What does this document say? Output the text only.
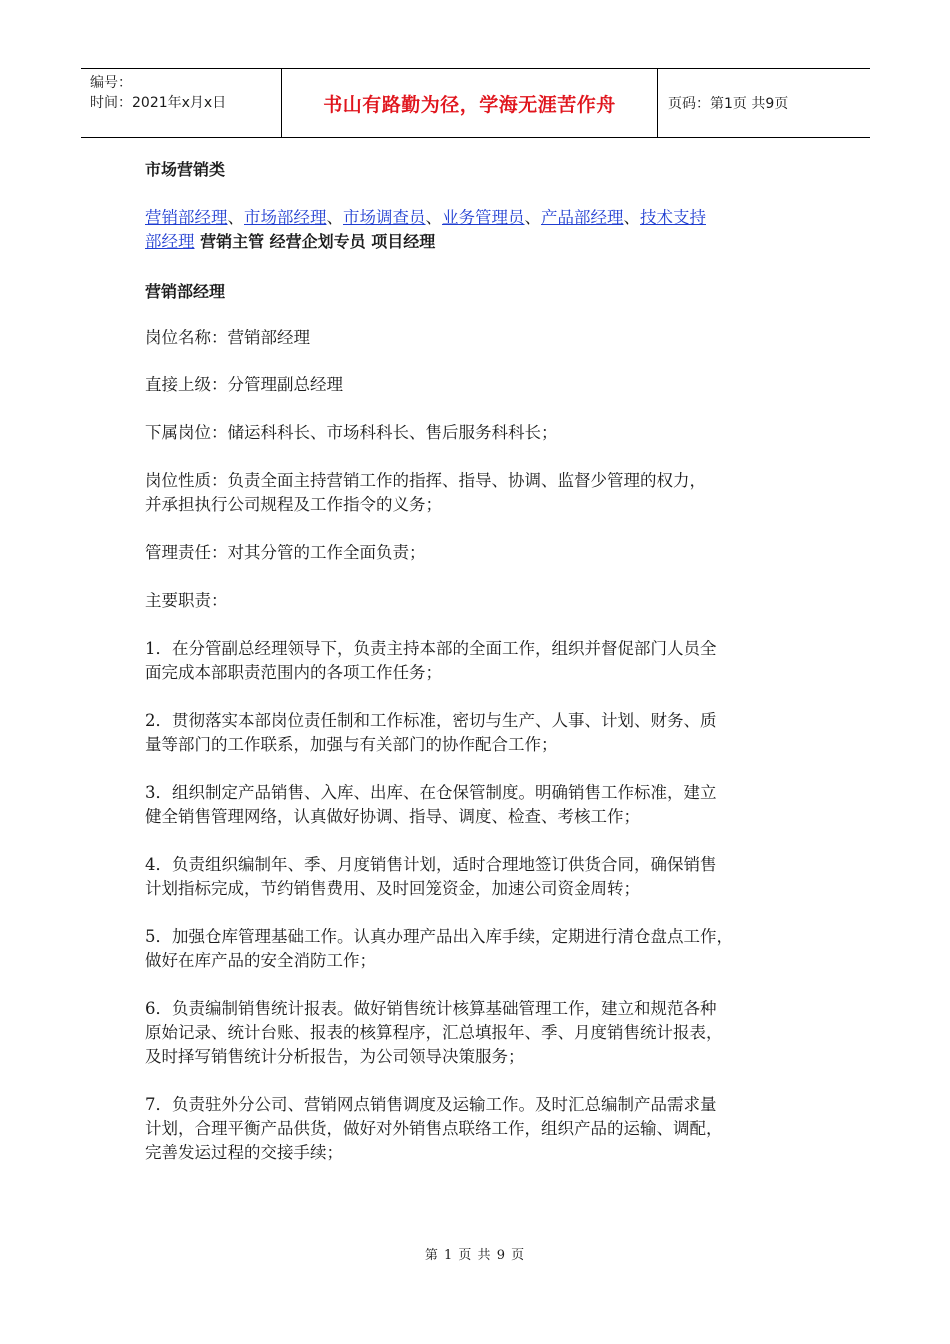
编号：
时间：2021年x月x日	书山有路勤为径，学海无涯苦作舟	页码：第1页 共9页

市场营销类

营销部经理、市场部经理、市场调查员、业务管理员、产品部经理、技术支持
部经理 营销主管 经营企划专员 项目经理

营销部经理

岗位名称：营销部经理

直接上级：分管理副总经理

下属岗位：储运科科长、市场科科长、售后服务科科长；

岗位性质：负责全面主持营销工作的指挥、指导、协调、监督少管理的权力，
并承担执行公司规程及工作指令的义务；

管理责任：对其分管的工作全面负责；

主要职责：

1．在分管副总经理领导下，负责主持本部的全面工作，组织并督促部门人员全
面完成本部职责范围内的各项工作任务；

2．贯彻落实本部岗位责任制和工作标准，密切与生产、人事、计划、财务、质
量等部门的工作联系，加强与有关部门的协作配合工作；

3．组织制定产品销售、入库、出库、在仓保管制度。明确销售工作标准，建立
健全销售管理网络，认真做好协调、指导、调度、检查、考核工作；

4．负责组织编制年、季、月度销售计划，适时合理地签订供货合同，确保销售
计划指标完成，节约销售费用、及时回笼资金，加速公司资金周转；

5．加强仓库管理基础工作。认真办理产品出入库手续，定期进行清仓盘点工作，
做好在库产品的安全消防工作；

6．负责编制销售统计报表。做好销售统计核算基础管理工作，建立和规范各种
原始记录、统计台账、报表的核算程序，汇总填报年、季、月度销售统计报表，
及时择写销售统计分析报告，为公司领导决策服务；

7．负责驻外分公司、营销网点销售调度及运输工作。及时汇总编制产品需求量
计划，合理平衡产品供货，做好对外销售点联络工作，组织产品的运输、调配，
完善发运过程的交接手续；

第 1 页 共 9 页
